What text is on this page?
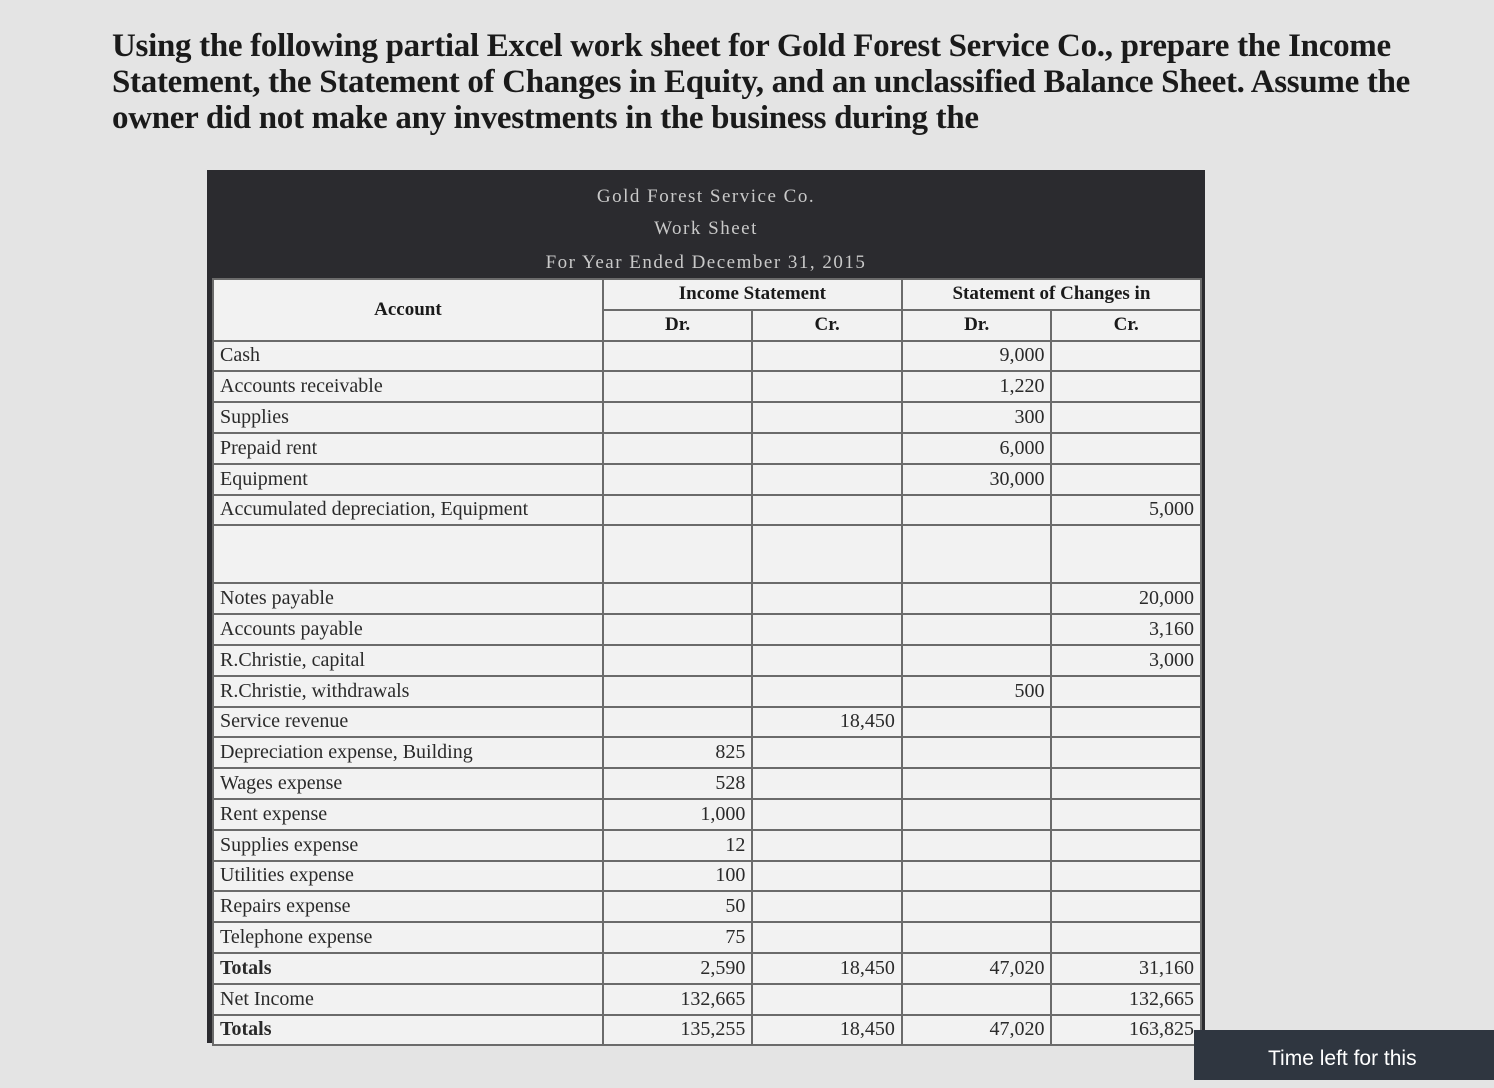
Using the following partial Excel work sheet for Gold Forest Service Co., prepare the Income Statement, the Statement of Changes in Equity, and an unclassified Balance Sheet. Assume the owner did not make any investments in the business during the
Gold Forest Service Co.
Work Sheet
For Year Ended December 31, 2015
Account	Income Statement		Statement of Changes in	
	Dr.	Cr.	Dr.	Cr.
Cash			9,000	
Accounts receivable			1,220	
Supplies			300	
Prepaid rent			6,000	
Equipment			30,000	
Accumulated depreciation, Equipment				5,000

Notes payable				20,000
Accounts payable				3,160
R.Christie, capital				3,000
R.Christie, withdrawals			500	
Service revenue		18,450		
Depreciation expense, Building	825			
Wages expense	528			
Rent expense	1,000			
Supplies expense	12			
Utilities expense	100			
Repairs expense	50			
Telephone expense	75			
Totals	2,590	18,450	47,020	31,160
Net Income	132,665			132,665
Totals	135,255	18,450	47,020	163,825
Time left for this
